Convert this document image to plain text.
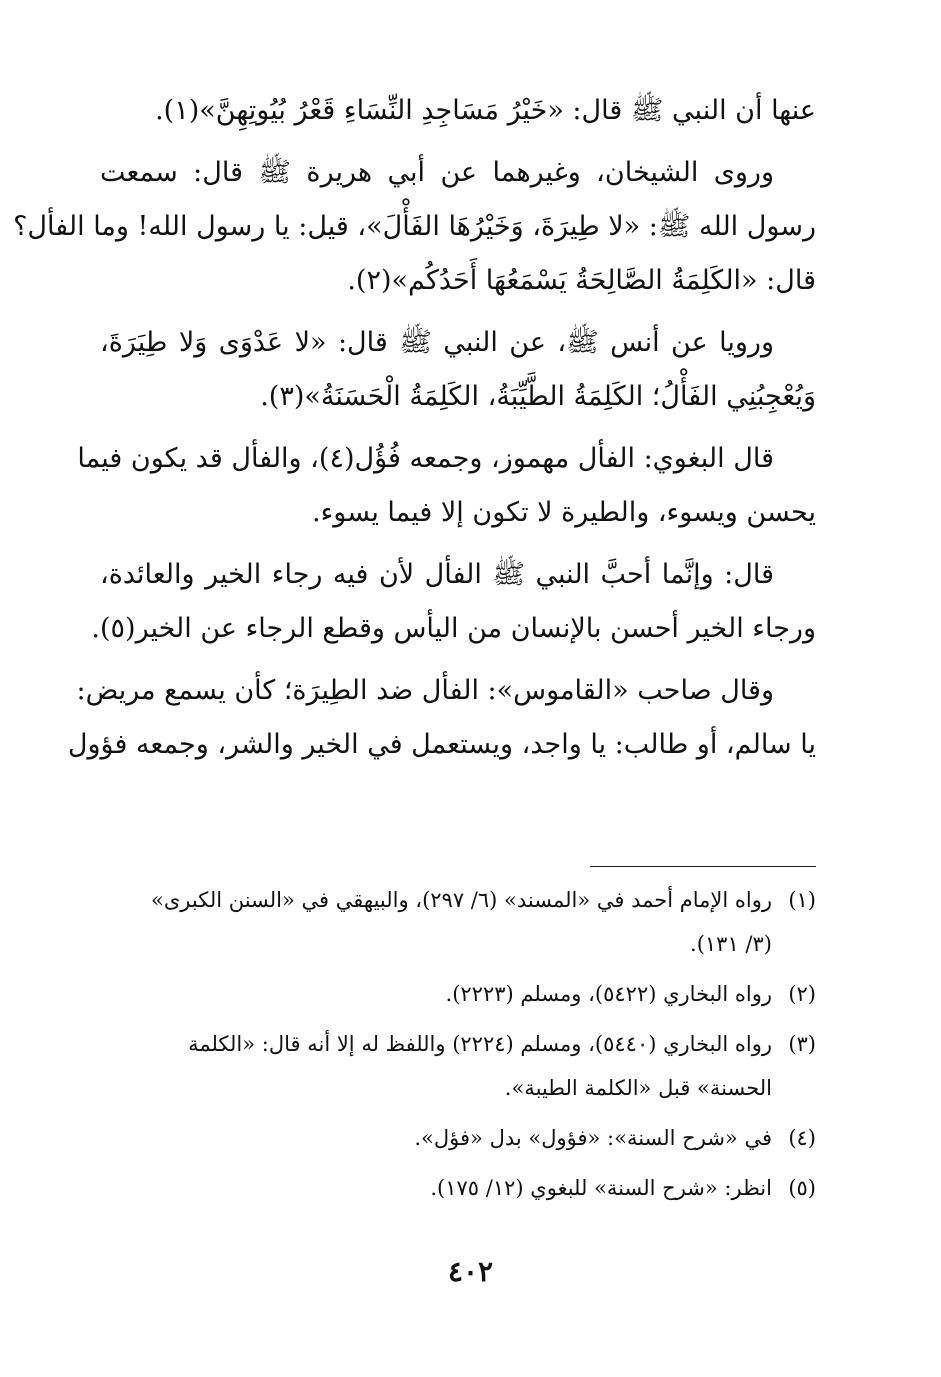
عنها أن النبي ﷺ قال: «خَيْرُ مَسَاجِدِ النِّسَاءِ قَعْرُ بُيُوتِهِنَّ»(١).
وروى الشيخان، وغيرهما عن أبي هريرة ﷺ قال: سمعت
رسول الله ﷺ: «لا طِيرَةَ، وَخَيْرُهَا الفَأْلَ»، قيل: يا رسول الله! وما الفأل؟
قال: «الكَلِمَةُ الصَّالِحَةُ يَسْمَعُهَا أَحَدُكُم»(٢).
ورويا عن أنس ﷺ، عن النبي ﷺ قال: «لا عَدْوَى وَلا طِيَرَةَ،
وَيُعْجِبُنِي الفَأْلُ؛ الكَلِمَةُ الطَّيِّبَةُ، الكَلِمَةُ الْحَسَنَةُ»(٣).
قال البغوي: الفأل مهموز، وجمعه فُؤُل(٤)، والفأل قد يكون فيما
يحسن ويسوء، والطيرة لا تكون إلا فيما يسوء.
قال: وإنَّما أحبَّ النبي ﷺ الفأل لأن فيه رجاء الخير والعائدة،
ورجاء الخير أحسن بالإنسان من اليأس وقطع الرجاء عن الخير(٥).
وقال صاحب «القاموس»: الفأل ضد الطِيرَة؛ كأن يسمع مريض:
يا سالم، أو طالب: يا واجد، ويستعمل في الخير والشر، وجمعه فؤول
(١)
رواه الإمام أحمد في «المسند» (٦/ ٢٩٧)، والبيهقي في «السنن الكبرى»
(٣/ ١٣١).
(٢)
رواه البخاري (٥٤٢٢)، ومسلم (٢٢٢٣).
(٣)
رواه البخاري (٥٤٤٠)، ومسلم (٢٢٢٤) واللفظ له إلا أنه قال: «الكلمة
الحسنة» قبل «الكلمة الطيبة».
(٤)
في «شرح السنة»: «فؤول» بدل «فؤل».
(٥)
انظر: «شرح السنة» للبغوي (١٢/ ١٧٥).
٤٠٢
